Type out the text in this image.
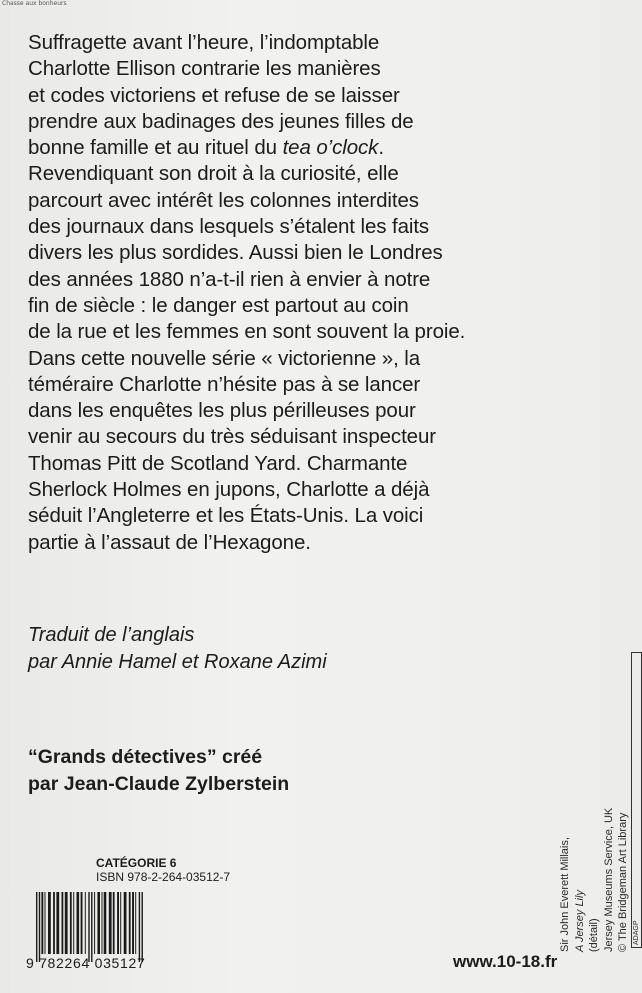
Chasse aux bonheurs
Suffragette avant l’heure, l’indomptable
Charlotte Ellison contrarie les manières
et codes victoriens et refuse de se laisser
prendre aux badinages des jeunes filles de
bonne famille et au rituel du tea o’clock.
Revendiquant son droit à la curiosité, elle
parcourt avec intérêt les colonnes interdites
des journaux dans lesquels s’étalent les faits
divers les plus sordides. Aussi bien le Londres
des années 1880 n’a-t-il rien à envier à notre
fin de siècle : le danger est partout au coin
de la rue et les femmes en sont souvent la proie.
Dans cette nouvelle série « victorienne », la
téméraire Charlotte n’hésite pas à se lancer
dans les enquêtes les plus périlleuses pour
venir au secours du très séduisant inspecteur
Thomas Pitt de Scotland Yard. Charmante
Sherlock Holmes en jupons, Charlotte a déjà
séduit l’Angleterre et les États-Unis. La voici
partie à l’assaut de l’Hexagone.
Traduit de l’anglais
par Annie Hamel et Roxane Azimi
“Grands détectives” créé
par Jean-Claude Zylberstein
Sir John Everett Millais, A Jersey Lily (détail) Jersey Museums Service, UK © The Bridgeman Art Library ADAGP
CATÉGORIE 6
ISBN 978-2-264-03512-7
9 782264 035127	www.10-18.fr
